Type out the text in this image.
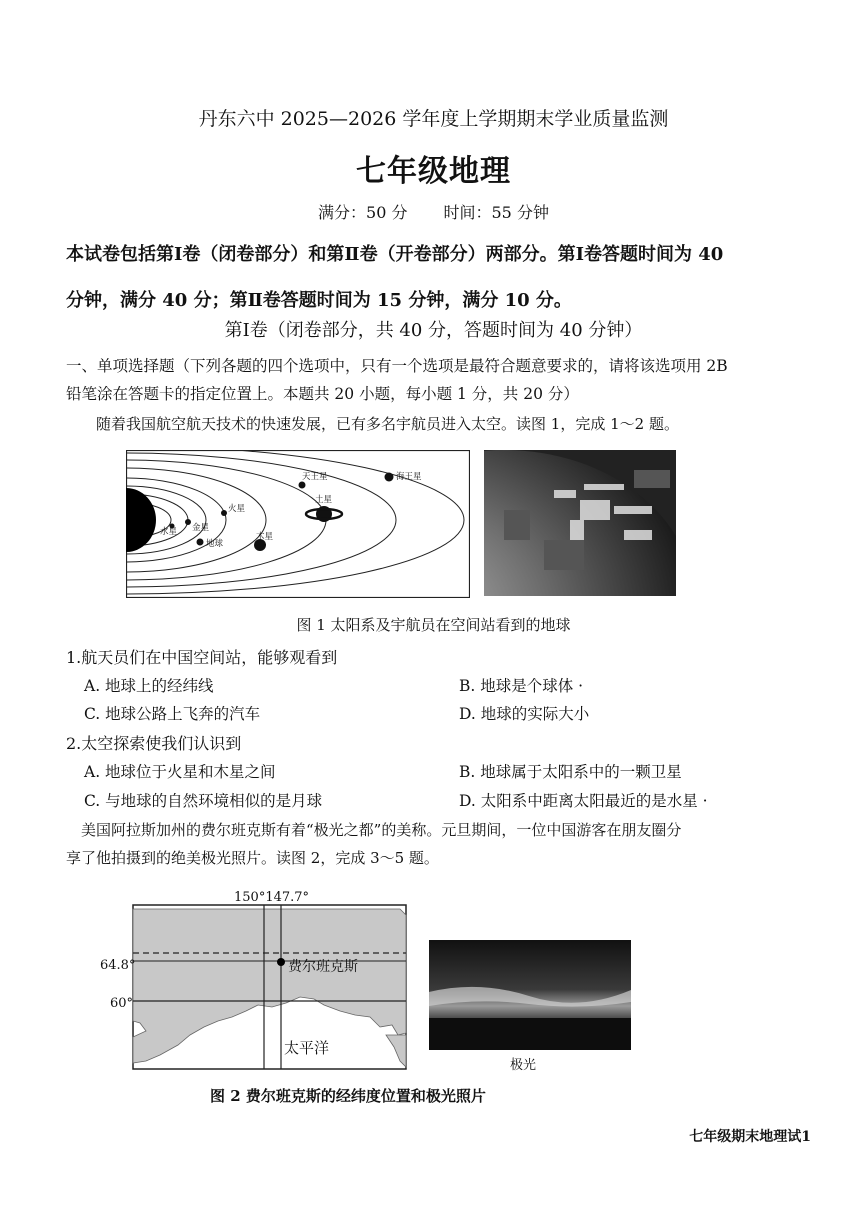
丹东六中 2025—2026 学年度上学期期末学业质量监测
七年级地理
满分：50 分 时间：55 分钟
本试卷包括第Ⅰ卷（闭卷部分）和第Ⅱ卷（开卷部分）两部分。第Ⅰ卷答题时间为 40
分钟，满分 40 分；第Ⅱ卷答题时间为 15 分钟，满分 10 分。
第Ⅰ卷（闭卷部分，共 40 分，答题时间为 40 分钟）
一、单项选择题（下列各题的四个选项中，只有一个选项是最符合题意要求的，请将该选项用 2B
铅笔涂在答题卡的指定位置上。本题共 20 小题，每小题 1 分，共 20 分）
随着我国航空航天技术的快速发展，已有多名宇航员进入太空。读图 1，完成 1～2 题。
海王星
天王星
土星
木星
火星
金星
水星
地球
图 1 太阳系及宇航员在空间站看到的地球
1.航天员们在中国空间站，能够观看到
A. 地球上的经纬线	B. 地球是个球体 ·
C. 地球公路上飞奔的汽车	D. 地球的实际大小
2.太空探索使我们认识到
A. 地球位于火星和木星之间	B. 地球属于太阳系中的一颗卫星
C. 与地球的自然环境相似的是月球	D. 太阳系中距离太阳最近的是水星 ·
美国阿拉斯加州的费尔班克斯有着“极光之都”的美称。元旦期间，一位中国游客在朋友圈分
享了他拍摄到的绝美极光照片。读图 2，完成 3～5 题。
150°147.7°
费尔班克斯
64.8°
60°
太平洋
极光
图 2 费尔班克斯的经纬度位置和极光照片
七年级期末地理试1
